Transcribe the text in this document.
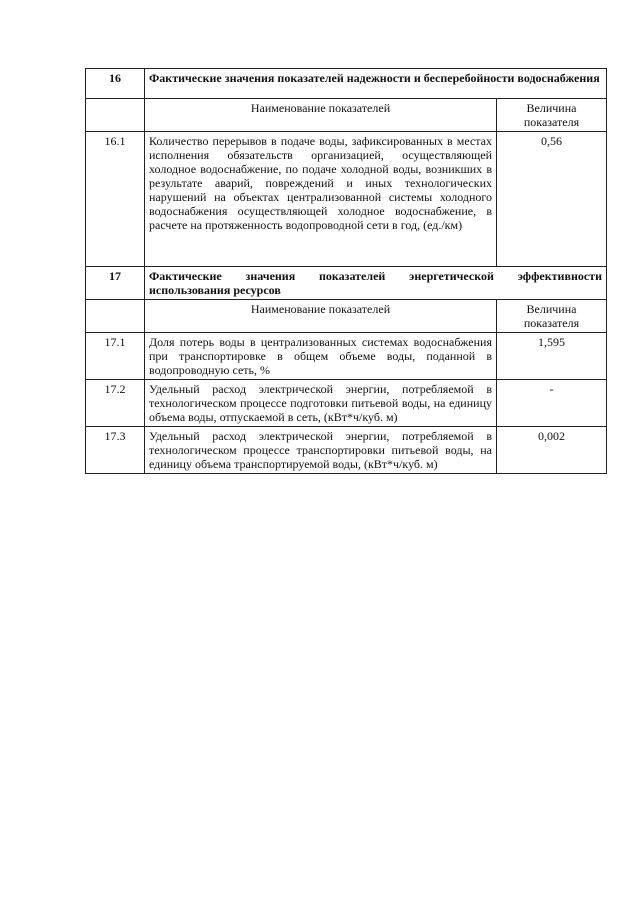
16	Фактические значения показателей надежности и бесперебойности водоснабжения	
	Наименование показателей	Величина показателя
16.1	Количество перерывов в подаче воды, зафиксированных в местах исполнения обязательств организацией, осуществляющей холодное водоснабжение, по подаче холодной воды, возникших в результате аварий, повреждений и иных технологических нарушений на объектах централизованной системы холодного водоснабжения осуществляющей холодное водоснабжение, в расчете на протяженность водопроводной сети в год, (ед./км)	0,56
17	Фактические значения показателей энергетической эффективности использования ресурсов	
	Наименование показателей	Величина показателя
17.1	Доля потерь воды в централизованных системах водоснабжения при транспортировке в общем объеме воды, поданной в водопроводную сеть, %	1,595
17.2	Удельный расход электрической энергии, потребляемой в технологическом процессе подготовки питьевой воды, на единицу объема воды, отпускаемой в сеть, (кВт*ч/куб. м)	-
17.3	Удельный расход электрической энергии, потребляемой в технологическом процессе транспортировки питьевой воды, на единицу объема транспортируемой воды, (кВт*ч/куб. м)	0,002
